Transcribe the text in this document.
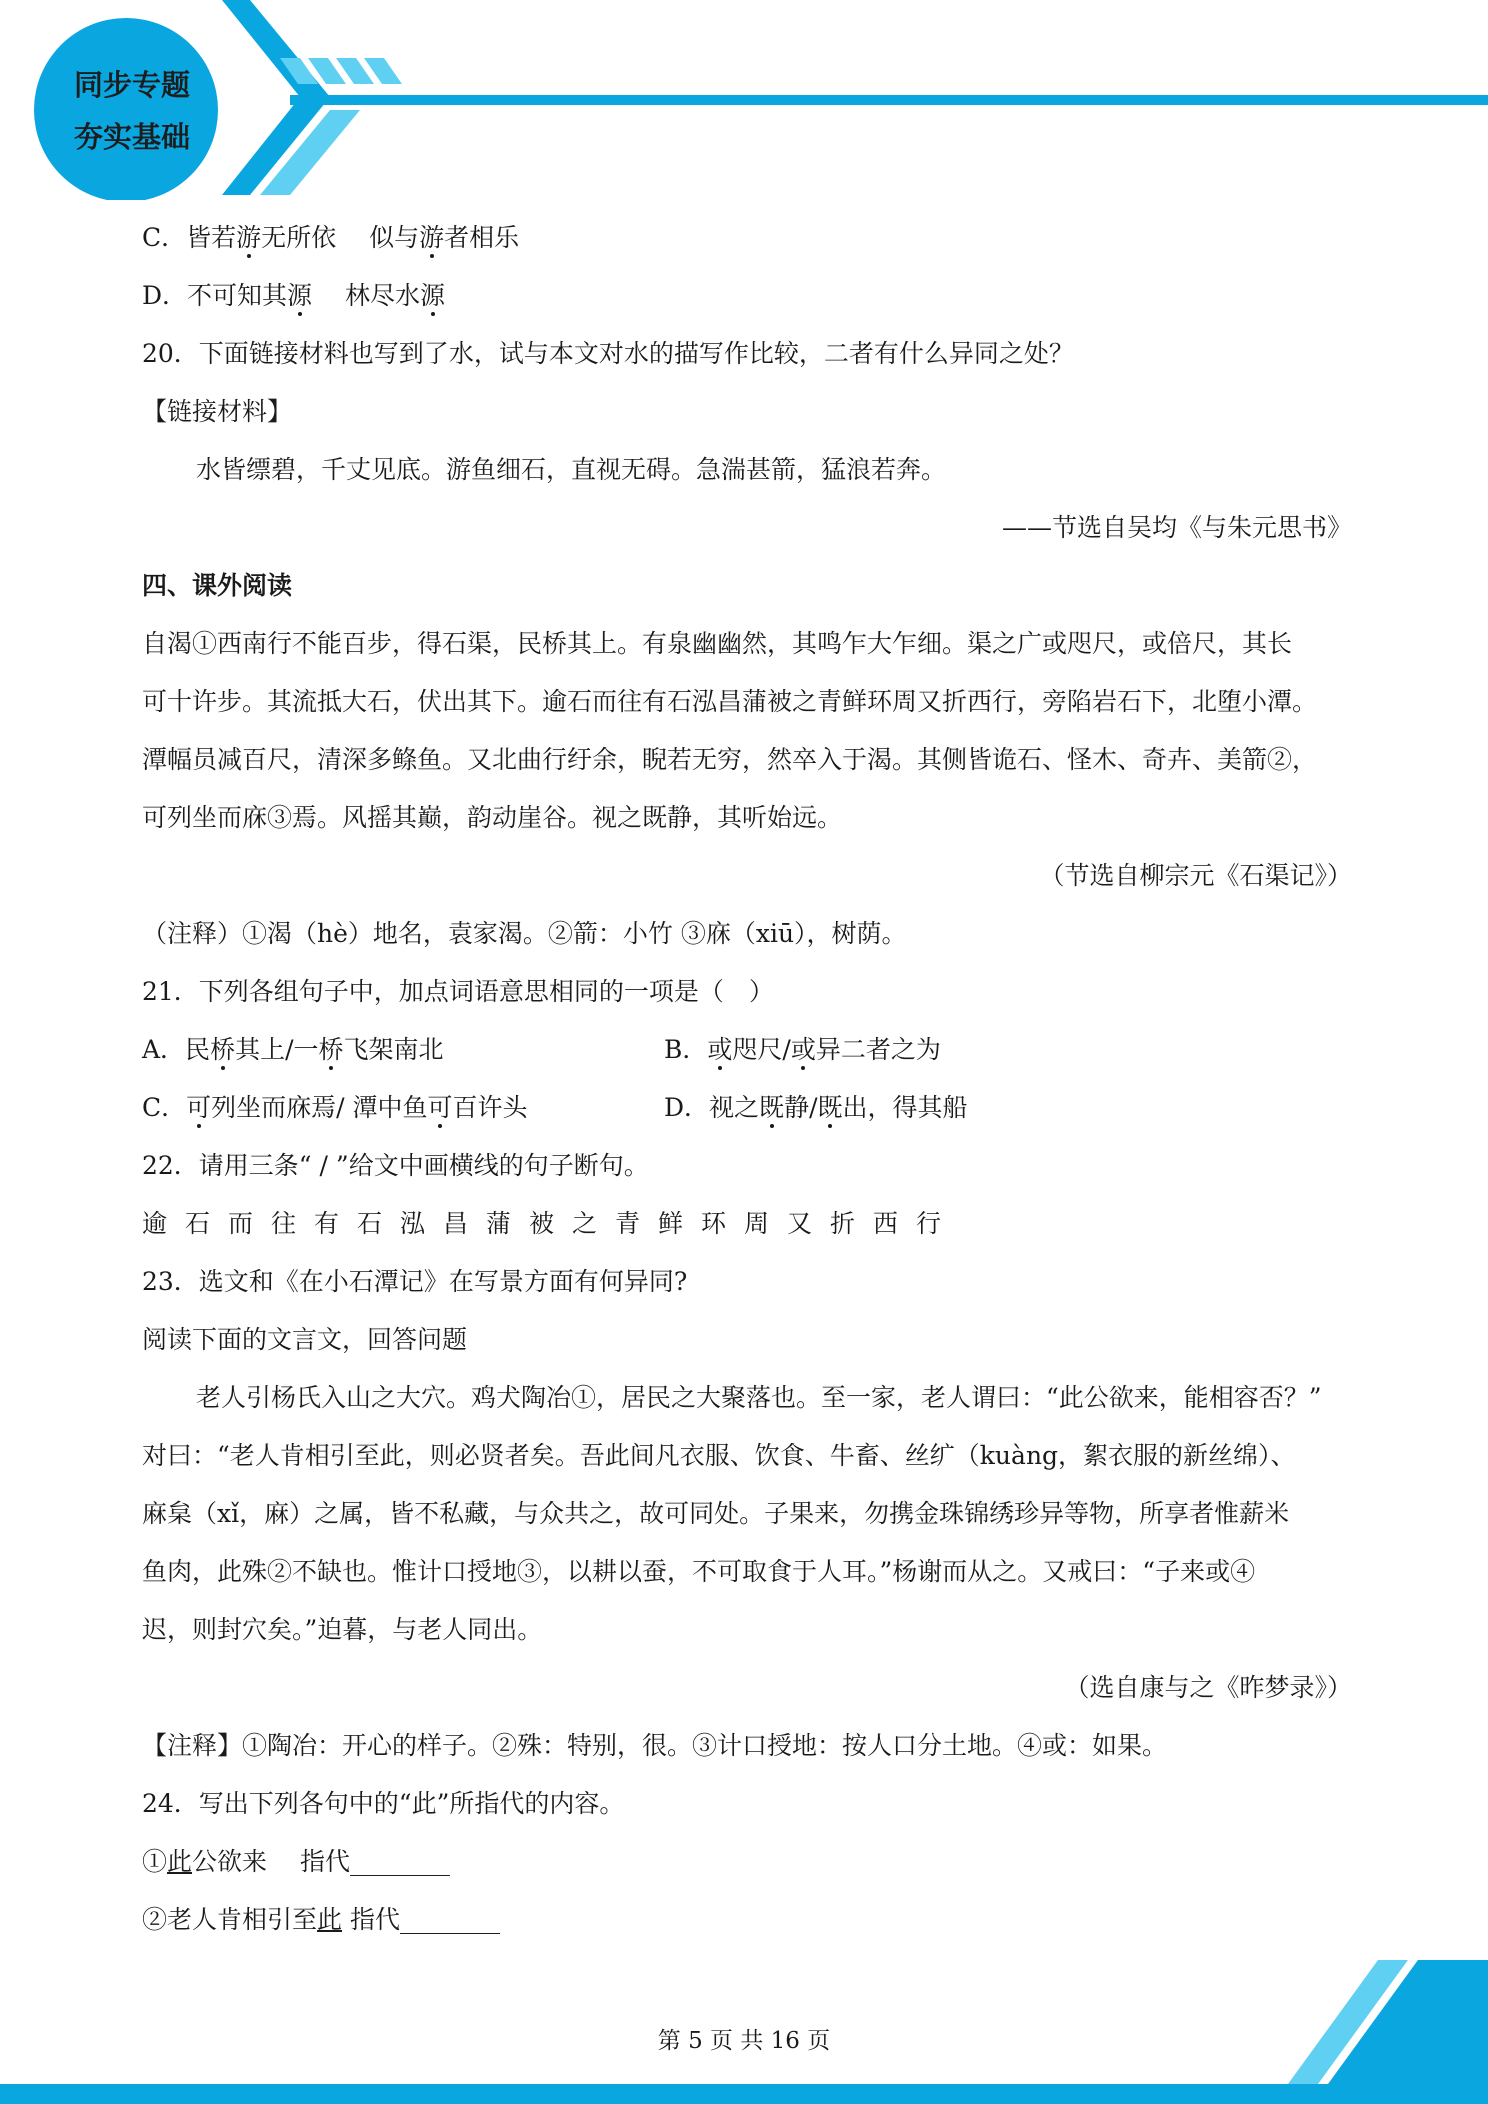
同步专题
夯实基础
C．皆若游无所依　 似与游者相乐
D．不可知其源　 林尽水源
20．下面链接材料也写到了水，试与本文对水的描写作比较，二者有什么异同之处？
【链接材料】
水皆缥碧，千丈见底。游鱼细石，直视无碍。急湍甚箭，猛浪若奔。
——节选自吴均《与朱元思书》
四、课外阅读
自渴①西南行不能百步，得石渠，民桥其上。有泉幽幽然，其鸣乍大乍细。渠之广或咫尺，或倍尺，其长
可十许步。其流抵大石，伏出其下。逾石而往有石泓昌蒲被之青鲜环周又折西行，旁陷岩石下，北堕小潭。
潭幅员减百尺，清深多鲦鱼。又北曲行纡余，睨若无穷，然卒入于渴。其侧皆诡石、怪木、奇卉、美箭②，
可列坐而庥③焉。风摇其巅，韵动崖谷。视之既静，其听始远。
（节选自柳宗元《石渠记》）
（注释）①渴（hè）地名，袁家渴。②箭：小竹 ③庥（xiū），树荫。
21．下列各组句子中，加点词语意思相同的一项是（　）
A．民桥其上/一桥飞架南北	B．或咫尺/或异二者之为
C．可列坐而庥焉/ 潭中鱼可百许头	D．视之既静/既出，得其船
22．请用三条“ / ”给文中画横线的句子断句。
逾石而往有石泓昌蒲被之青鲜环周又折西行
23．选文和《在小石潭记》在写景方面有何异同?
阅读下面的文言文，回答问题
老人引杨氏入山之大穴。鸡犬陶冶①，居民之大聚落也。至一家，老人谓曰：“此公欲来，能相容否？”
对曰：“老人肯相引至此，则必贤者矣。吾此间凡衣服、饮食、牛畜、丝纩（kuàng，絮衣服的新丝绵）、
麻枲（xǐ，麻）之属，皆不私藏，与众共之，故可同处。子果来，勿携金珠锦绣珍异等物，所享者惟薪米
鱼肉，此殊②不缺也。惟计口授地③，以耕以蚕，不可取食于人耳。”杨谢而从之。又戒曰：“子来或④
迟，则封穴矣。”迫暮，与老人同出。
（选自康与之《昨梦录》）
【注释】①陶冶：开心的样子。②殊：特别，很。③计口授地：按人口分土地。④或：如果。
24．写出下列各句中的“此”所指代的内容。
①此公欲来　 指代________
②老人肯相引至此 指代________
第 5 页 共 16 页
